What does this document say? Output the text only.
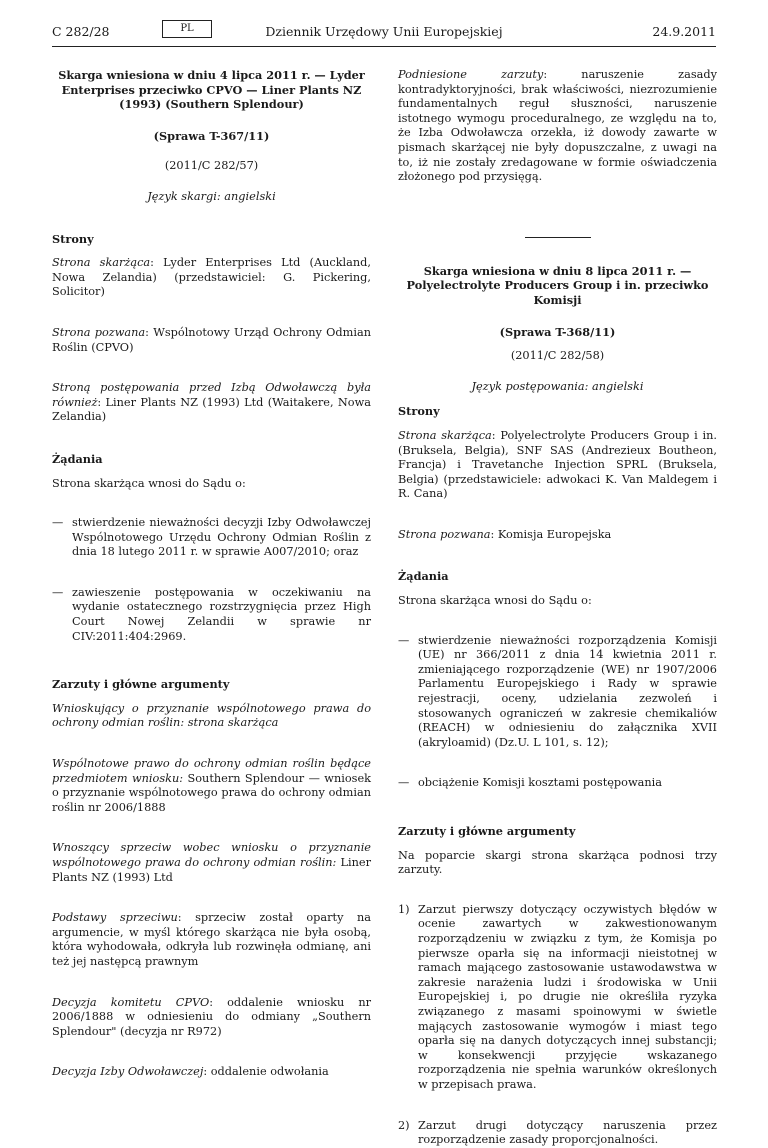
C 282/28	PL	Dziennik Urzędowy Unii Europejskiej	24.9.2011

Skarga wniesiona w dniu 4 lipca 2011 r. — Lyder Enterprises przeciwko CPVO — Liner Plants NZ (1993) (Southern Splendour)

(Sprawa T-367/11)

(2011/C 282/57)

Język skargi: angielski

Strony

Strona skarżąca: Lyder Enterprises Ltd (Auckland, Nowa Zelandia) (przedstawiciel: G. Pickering, Solicitor)

Strona pozwana: Wspólnotowy Urząd Ochrony Odmian Roślin (CPVO)

Stroną postępowania przed Izbą Odwoławczą była również: Liner Plants NZ (1993) Ltd (Waitakere, Nowa Zelandia)

Żądania

Strona skarżąca wnosi do Sądu o:

— stwierdzenie nieważności decyzji Izby Odwoławczej Wspólnotowego Urzędu Ochrony Odmian Roślin z dnia 18 lutego 2011 r. w sprawie A007/2010; oraz
— zawieszenie postępowania w oczekiwaniu na wydanie ostatecznego rozstrzygnięcia przez High Court Nowej Zelandii w sprawie nr CIV:2011:404:2969.

Zarzuty i główne argumenty

Wnioskujący o przyznanie wspólnotowego prawa do ochrony odmian roślin: strona skarżąca

Wspólnotowe prawo do ochrony odmian roślin będące przedmiotem wniosku: Southern Splendour — wniosek o przyznanie wspólnotowego prawa do ochrony odmian roślin nr 2006/1888

Wnoszący sprzeciw wobec wniosku o przyznanie wspólnotowego prawa do ochrony odmian roślin: Liner Plants NZ (1993) Ltd

Podstawy sprzeciwu: sprzeciw został oparty na argumencie, w myśl którego skarżąca nie była osobą, która wyhodowała, odkryła lub rozwinęła odmianę, ani też jej następcą prawnym

Decyzja komitetu CPVO: oddalenie wniosku nr 2006/1888 w odniesieniu do odmiany „Southern Splendour" (decyzja nr R972)

Decyzja Izby Odwoławczej: oddalenie odwołania

Podniesione zarzuty: naruszenie zasady kontradyktoryjności, brak właściwości, niezrozumienie fundamentalnych reguł słuszności, naruszenie istotnego wymogu proceduralnego, ze względu na to, że Izba Odwoławcza orzekła, iż dowody zawarte w pismach skarżącej nie były dopuszczalne, z uwagi na to, iż nie zostały zredagowane w formie oświadczenia złożonego pod przysięgą.

Skarga wniesiona w dniu 8 lipca 2011 r. — Polyelectrolyte Producers Group i in. przeciwko Komisji

(Sprawa T-368/11)

(2011/C 282/58)

Język postępowania: angielski

Strony

Strona skarżąca: Polyelectrolyte Producers Group i in. (Bruksela, Belgia), SNF SAS (Andrezieux Boutheon, Francja) i Travetanche Injection SPRL (Bruksela, Belgia) (przedstawiciele: adwokaci K. Van Maldegem i R. Cana)

Strona pozwana: Komisja Europejska

Żądania

Strona skarżąca wnosi do Sądu o:

— stwierdzenie nieważności rozporządzenia Komisji (UE) nr 366/2011 z dnia 14 kwietnia 2011 r. zmieniającego rozporządzenie (WE) nr 1907/2006 Parlamentu Europejskiego i Rady w sprawie rejestracji, oceny, udzielania zezwoleń i stosowanych ograniczeń w zakresie chemikaliów (REACH) w odniesieniu do załącznika XVII (akryloamid) (Dz.U. L 101, s. 12);
— obciążenie Komisji kosztami postępowania

Zarzuty i główne argumenty

Na poparcie skargi strona skarżąca podnosi trzy zarzuty.

1) Zarzut pierwszy dotyczący oczywistych błędów w ocenie zawartych w zakwestionowanym rozporządzeniu w związku z tym, że Komisja po pierwsze oparła się na informacji nieistotnej w ramach mającego zastosowanie ustawodawstwa w zakresie narażenia ludzi i środowiska w Unii Europejskiej i, po drugie nie określiła ryzyka związanego z masami spoinowymi w świetle mających zastosowanie wymogów i miast tego oparła się na danych dotyczących innej substancji; w konsekwencji przyjęcie wskazanego rozporządzenia nie spełnia warunków określonych w przepisach prawa.
2) Zarzut drugi dotyczący naruszenia przez rozporządzenie zasady proporcjonalności.
